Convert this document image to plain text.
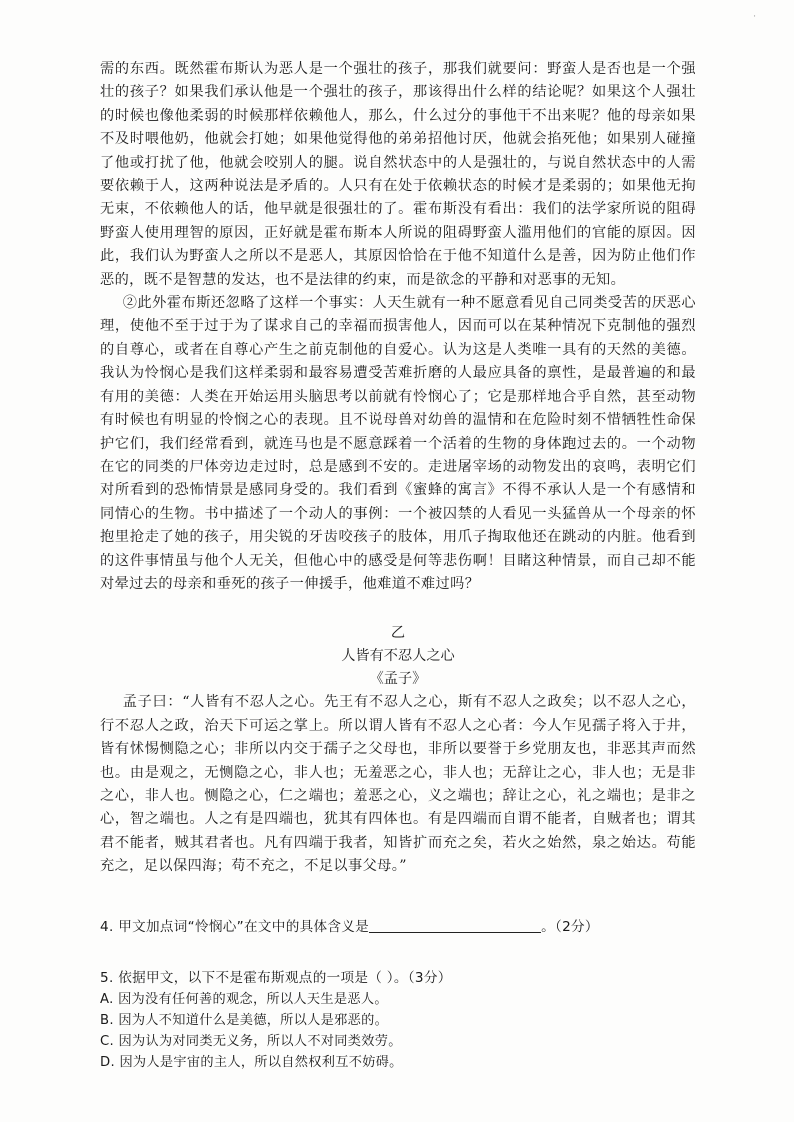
·

需的东西。既然霍布斯认为恶人是一个强壮的孩子，那我们就要问：野蛮人是否也是一个强壮的孩子？如果我们承认他是一个强壮的孩子，那该得出什么样的结论呢？如果这个人强壮的时候也像他柔弱的时候那样依赖他人，那么，什么过分的事他干不出来呢？他的母亲如果不及时喂他奶，他就会打她；如果他觉得他的弟弟招他讨厌，他就会掐死他；如果别人碰撞了他或打扰了他，他就会咬别人的腿。说自然状态中的人是强壮的，与说自然状态中的人需要依赖于人，这两种说法是矛盾的。人只有在处于依赖状态的时候才是柔弱的；如果他无拘无束，不依赖他人的话，他早就是很强壮的了。霍布斯没有看出：我们的法学家所说的阻碍野蛮人使用理智的原因，正好就是霍布斯本人所说的阻碍野蛮人滥用他们的官能的原因。因此，我们认为野蛮人之所以不是恶人，其原因恰恰在于他不知道什么是善，因为防止他们作恶的，既不是智慧的发达，也不是法律的约束，而是欲念的平静和对恶事的无知。

②此外霍布斯还忽略了这样一个事实：人天生就有一种不愿意看见自己同类受苦的厌恶心理，使他不至于过于为了谋求自己的幸福而损害他人，因而可以在某种情况下克制他的强烈的自尊心，或者在自尊心产生之前克制他的自爱心。认为这是人类唯一具有的天然的美德。我认为怜悯心是我们这样柔弱和最容易遭受苦难折磨的人最应具备的禀性，是最普遍的和最有用的美德：人类在开始运用头脑思考以前就有怜悯心了；它是那样地合乎自然，甚至动物有时候也有明显的怜悯之心的表现。且不说母兽对幼兽的温情和在危险时刻不惜牺牲性命保护它们，我们经常看到，就连马也是不愿意踩着一个活着的生物的身体跑过去的。一个动物在它的同类的尸体旁边走过时，总是感到不安的。走进屠宰场的动物发出的哀鸣，表明它们对所看到的恐怖情景是感同身受的。我们看到《蜜蜂的寓言》不得不承认人是一个有感情和同情心的生物。书中描述了一个动人的事例：一个被囚禁的人看见一头猛兽从一个母亲的怀抱里抢走了她的孩子，用尖锐的牙齿咬孩子的肢体，用爪子掏取他还在跳动的内脏。他看到的这件事情虽与他个人无关，但他心中的感受是何等悲伤啊！目睹这种情景，而自己却不能对晕过去的母亲和垂死的孩子一伸援手，他难道不难过吗？

乙

人皆有不忍人之心

《孟子》

孟子曰：“人皆有不忍人之心。先王有不忍人之心，斯有不忍人之政矣；以不忍人之心，行不忍人之政，治天下可运之掌上。所以谓人皆有不忍人之心者：今人乍见孺子将入于井，皆有怵惕恻隐之心；非所以内交于孺子之父母也，非所以要誉于乡党朋友也，非恶其声而然也。由是观之，无恻隐之心，非人也；无羞恶之心，非人也；无辞让之心，非人也；无是非之心，非人也。恻隐之心，仁之端也；羞恶之心，义之端也；辞让之心，礼之端也；是非之心，智之端也。人之有是四端也，犹其有四体也。有是四端而自谓不能者，自贼者也；谓其君不能者，贼其君者也。凡有四端于我者，知皆扩而充之矣，若火之始然，泉之始达。苟能充之，足以保四海；苟不充之，不足以事父母。”

4. 甲文加点词“怜悯心”在文中的具体含义是	。（2分）

5. 依据甲文，以下不是霍布斯观点的一项是（ ）。（3分）

A. 因为没有任何善的观念，所以人天生是恶人。

B. 因为人不知道什么是美德，所以人是邪恶的。

C. 因为认为对同类无义务，所以人不对同类效劳。

D. 因为人是宇宙的主人，所以自然权利互不妨碍。
